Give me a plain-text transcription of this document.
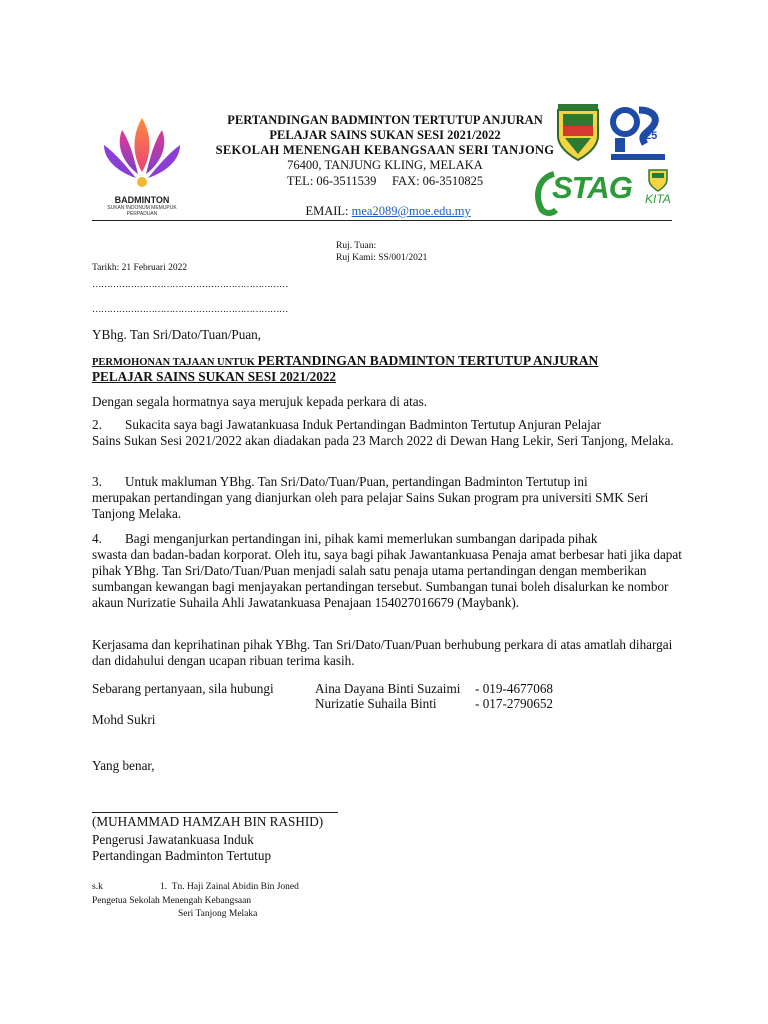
BADMINTON
SUKAN INDONUM MEMUPUK PERPADUAN
PERTANDINGAN BADMINTON TERTUTUP ANJURAN
PELAJAR SAINS SUKAN SESI 2021/2022
SEKOLAH MENENGAH KEBANGSAAN SERI TANJONG
76400, TANJUNG KLING, MELAKA
TEL: 06-3511539     FAX: 06-3510825

EMAIL: mea2089@moe.edu.my

25
STAG KITA
Ruj. Tuan:
Ruj Kami: SS/001/2021
Tarikh: 21 Februari 2022
…………………………………………………………
…………………………………………………………
YBhg. Tan Sri/Dato/Tuan/Puan,
PERMOHONAN TAJAAN UNTUK PERTANDINGAN BADMINTON TERTUTUP ANJURAN
PELAJAR SAINS SUKAN SESI 2021/2022
Dengan segala hormatnya saya merujuk kepada perkara di atas.
2. Sukacita saya bagi Jawatankuasa Induk Pertandingan Badminton Tertutup Anjuran Pelajar
Sains Sukan Sesi 2021/2022 akan diadakan pada 23 March 2022 di Dewan Hang Lekir, Seri Tanjong, Melaka.
3. Untuk makluman YBhg. Tan Sri/Dato/Tuan/Puan, pertandingan Badminton Tertutup ini
merupakan pertandingan yang dianjurkan oleh para pelajar Sains Sukan program pra universiti SMK Seri Tanjong Melaka.
4. Bagi menganjurkan pertandingan ini, pihak kami memerlukan sumbangan daripada pihak
swasta dan badan-badan korporat. Oleh itu, saya bagi pihak Jawantankuasa Penaja amat berbesar hati jika dapat pihak YBhg. Tan Sri/Dato/Tuan/Puan menjadi salah satu penaja utama pertandingan dengan memberikan sumbangan kewangan bagi menjayakan pertandingan tersebut. Sumbangan tunai boleh disalurkan ke nombor akaun Nurizatie Suhaila Ahli Jawatankuasa Penajaan 154027016679 (Maybank).
Kerjasama dan keprihatinan pihak YBhg. Tan Sri/Dato/Tuan/Puan berhubung perkara di atas amatlah dihargai dan didahului dengan ucapan ribuan terima kasih.
Sebarang pertanyaan, sila hubungi	Aina Dayana Binti Suzaimi - 019-4677068
Nurizatie Suhaila Binti	- 017-2790652
Mohd Sukri
Yang benar,
(MUHAMMAD HAMZAH BIN RASHID)
Pengerusi Jawatankuasa Induk
Pertandingan Badminton Tertutup
s.k	1.  Tn. Haji Zainal Abidin Bin Joned
Pengetua Sekolah Menengah Kebangsaan
Seri Tanjong Melaka
